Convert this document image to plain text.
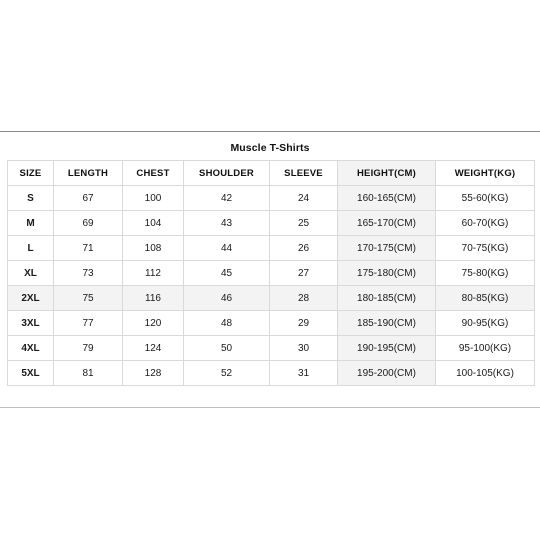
Muscle T-Shirts
SIZE	LENGTH	CHEST	SHOULDER	SLEEVE	HEIGHT(CM)	WEIGHT(KG)
S	67	100	42	24	160-165(CM)	55-60(KG)
M	69	104	43	25	165-170(CM)	60-70(KG)
L	71	108	44	26	170-175(CM)	70-75(KG)
XL	73	112	45	27	175-180(CM)	75-80(KG)
2XL	75	116	46	28	180-185(CM)	80-85(KG)
3XL	77	120	48	29	185-190(CM)	90-95(KG)
4XL	79	124	50	30	190-195(CM)	95-100(KG)
5XL	81	128	52	31	195-200(CM)	100-105(KG)
